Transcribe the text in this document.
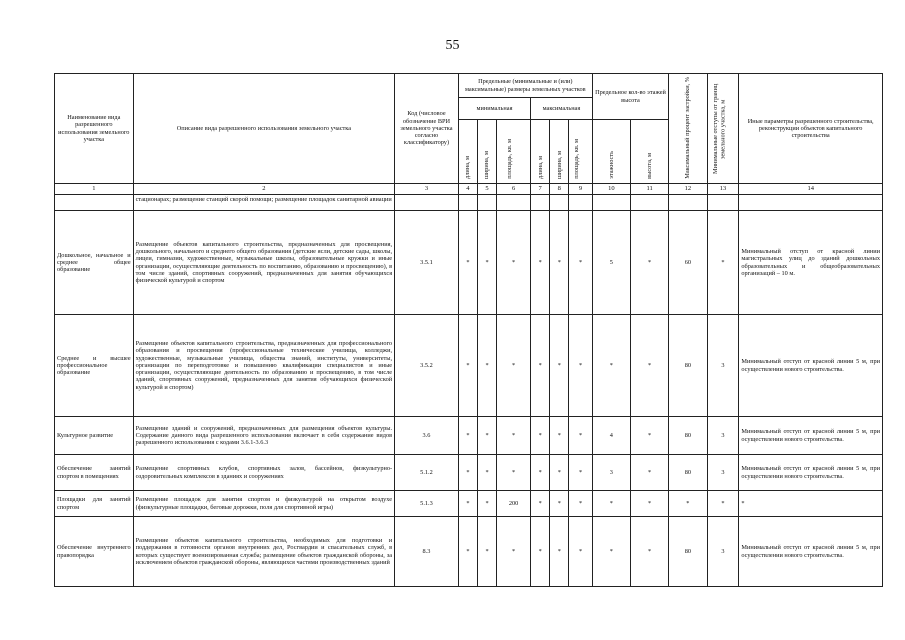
55
Наименование вида разрешенного использования земельного участка	Описание вида разрешенного использования земельного участка	Код (числовое обозначение ВРИ земельного участка согласно классификатору)	Предельные (минимальные и (или) максимальные) размеры земельных участков						Предельное кол-во этажей высота		Максимальный процент застройки, %	Минимальные отступы от границ земельного участка, м	Иные параметры разрешенного строительства, реконструкции объектов капитального строительства
			минимальная			максимальная							
			длина, м	ширина, м	площадь, кв. м	длина, м	ширина, м	площадь, кв. м	этажность	высота, м			
1	2	3	4	5	6	7	8	9	10	11	12	13	14
	стационарах; размещение станций скорой помощи; размещение площадок санитарной авиации												
Дошкольное, начальное и среднее общее образование	Размещение объектов капитального строительства, предназначенных для просвещения, дошкольного, начального и среднего общего образования (детские ясли, детские сады, школы, лицеи, гимназии, художественные, музыкальные школы, образовательные кружки и иные организации, осуществляющие деятельность по воспитанию, образованию и просвещению), в том числе зданий, спортивных сооружений, предназначенных для занятия обучающихся физической культурой и спортом	3.5.1	*	*	*	*	*	*	5	*	60	*	Минимальный отступ от красной линии магистральных улиц до зданий дошкольных образовательных и общеобразовательных организаций – 10 м.
Среднее и высшее профессиональное образование	Размещение объектов капитального строительства, предназначенных для профессионального образования и просвещения (профессиональные технические училища, колледжи, художественные, музыкальные училища, общества знаний, институты, университеты, организации по переподготовке и повышению квалификации специалистов и иные организации, осуществляющие деятельность по образованию и просвещению, в том числе зданий, спортивных сооружений, предназначенных для занятия обучающихся физической культурой и спортом)	3.5.2	*	*	*	*	*	*	*	*	80	3	Минимальный отступ от красной линии 5 м, при осуществлении нового строительства.
Культурное развитие	Размещение зданий и сооружений, предназначенных для размещения объектов культуры. Содержание данного вида разрешенного использования включает в себя содержание видов разрешенного использования с кодами 3.6.1-3.6.3	3.6	*	*	*	*	*	*	4	*	80	3	Минимальный отступ от красной линии 5 м, при осуществлении нового строительства.
Обеспечение занятий спортом в помещениях	Размещение спортивных клубов, спортивных залов, бассейнов, физкультурно-оздоровительных комплексов в зданиях и сооружениях	5.1.2	*	*	*	*	*	*	3	*	80	3	Минимальный отступ от красной линии 5 м, при осуществлении нового строительства.
Площадки для занятий спортом	Размещение площадок для занятия спортом и физкультурой на открытом воздухе (физкультурные площадки, беговые дорожки, поля для спортивной игры)	5.1.3	*	*	200	*	*	*	*	*	*	*	*
Обеспечение внутреннего правопорядка	Размещение объектов капитального строительства, необходимых для подготовки и поддержания в готовности органов внутренних дел, Росгвардии и спасательных служб, в которых существует военизированная служба; размещение объектов гражданской обороны, за исключением объектов гражданской обороны, являющихся частями производственных зданий	8.3	*	*	*	*	*	*	*	*	80	3	Минимальный отступ от красной линии 5 м, при осуществлении нового строительства.
